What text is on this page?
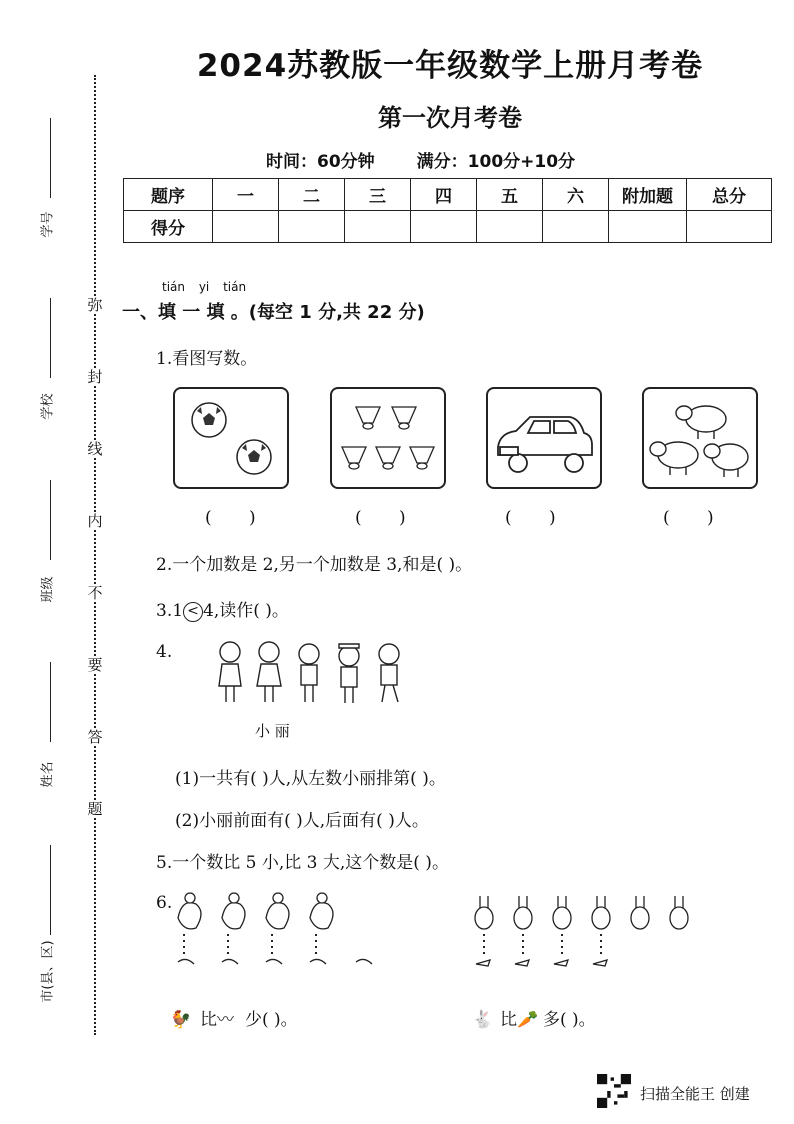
学号
学校
班级
姓名
市(县、区)
弥
封
线
内
不
要
答
题
2024苏教版一年级数学上册月考卷
第一次月考卷
时间：60分钟 满分：100分+10分
题序	一	二	三	四	五	六	附加题	总分
得分								
tián yi tián
一、填 一 填 。(每空 1 分,共 22 分)
1.看图写数。
( )	( )	( )	( )
2.一个加数是 2,另一个加数是 3,和是( )。
3.1 < 4,读作( )。
4.
小 丽
(1)一共有( )人,从左数小丽排第( )。
(2)小丽前面有( )人,后面有( )人。
5.一个数比 5 小,比 3 大,这个数是( )。
6.
🐓 比〰 少( )。	🐇 比🥕 多( )。
扫描全能王 创建
